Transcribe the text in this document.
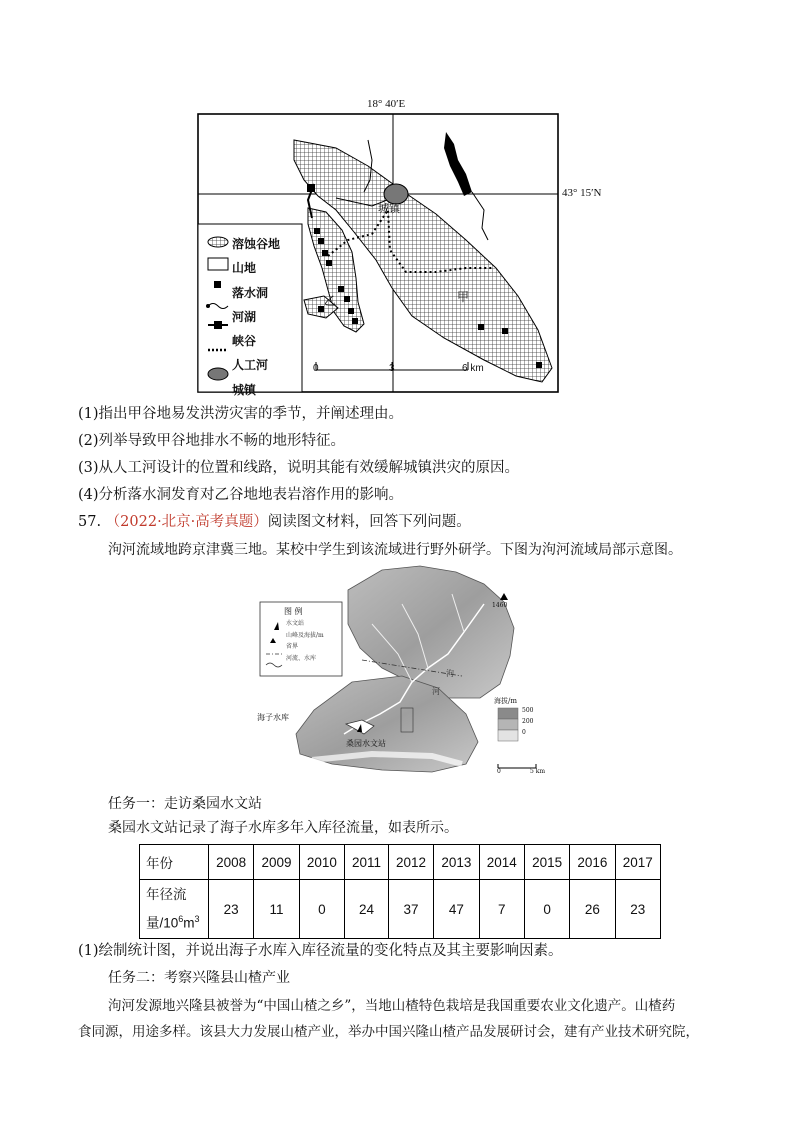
18° 40′E
43° 15′N
城镇
甲
乙
溶蚀谷地
山地
落水洞
河湖
峡谷
人工河
城镇
0	3	6 km
(1)指出甲谷地易发洪涝灾害的季节，并阐述理由。
(2)列举导致甲谷地排水不畅的地形特征。
(3)从人工河设计的位置和线路，说明其能有效缓解城镇洪灾的原因。
(4)分析落水洞发育对乙谷地地表岩溶作用的影响。
57. （2022·北京·高考真题）阅读图文材料，回答下列问题。
泃河流域地跨京津冀三地。某校中学生到该流域进行野外研学。下图为泃河流域局部示意图。
图 例
水文站
山峰及海拔/m
省界
河流、水库
海子水库
桑园水文站
泃
河
1460
海拔/m
500
200
0
0	5 km
任务一：走访桑园水文站
桑园水文站记录了海子水库多年入库径流量，如表所示。
年份	2008	2009	2010	2011	2012	2013	2014	2015	2016	2017
年径流
量$/10^6m^3$	23	11	0	24	37	47	7	0	26	23
(1)绘制统计图，并说出海子水库入库径流量的变化特点及其主要影响因素。
任务二：考察兴隆县山楂产业
泃河发源地兴隆县被誉为“中国山楂之乡”，当地山楂特色栽培是我国重要农业文化遗产。山楂药
食同源，用途多样。该县大力发展山楂产业，举办中国兴隆山楂产品发展研讨会，建有产业技术研究院，
